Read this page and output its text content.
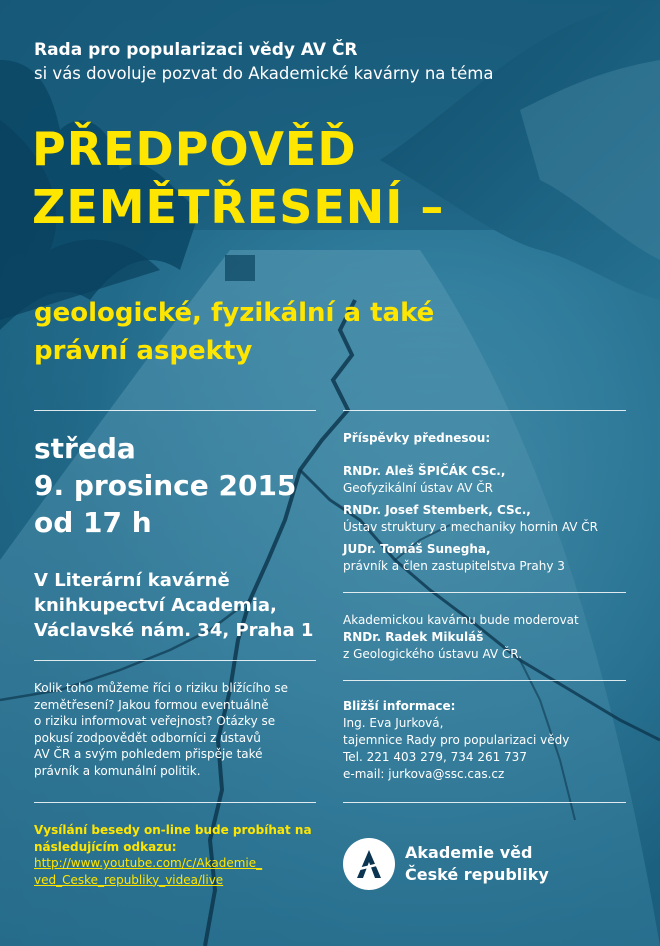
Rada pro popularizaci vědy AV ČR
si vás dovoluje pozvat do Akademické kavárny na téma
PŘEDPOVĚĎ
ZEMĚTŘESENÍ –
geologické, fyzikální a také
právní aspekty
středa
9. prosince 2015
od 17 h
V Literární kavárně
knihkupectví Academia,
Václavské nám. 34, Praha 1
Kolik toho můžeme říci o riziku blížícího se
zemětřesení? Jakou formou eventuálně
o riziku informovat veřejnost? Otázky se
pokusí zodpovědět odborníci z ústavů
AV ČR a svým pohledem přispěje také
právník a komunální politik.
Vysílání besedy on-line bude probíhat na
následujícím odkazu:
http://www.youtube.com/c/Akademie_
ved_Ceske_republiky_videa/live
Příspěvky přednesou:
RNDr. Aleš ŠPIČÁK CSc.,
Geofyzikální ústav AV ČR
RNDr. Josef Stemberk, CSc.,
Ústav struktury a mechaniky hornin AV ČR
JUDr. Tomáš Sunegha,
právník a člen zastupitelstva Prahy 3
Akademickou kavárnu bude moderovat
RNDr. Radek Mikuláš
z Geologického ústavu AV ČR.
Bližší informace:
Ing. Eva Jurková,
tajemnice Rady pro popularizaci vědy
Tel. 221 403 279, 734 261 737
e-mail: jurkova@ssc.cas.cz
Akademie věd
České republiky
